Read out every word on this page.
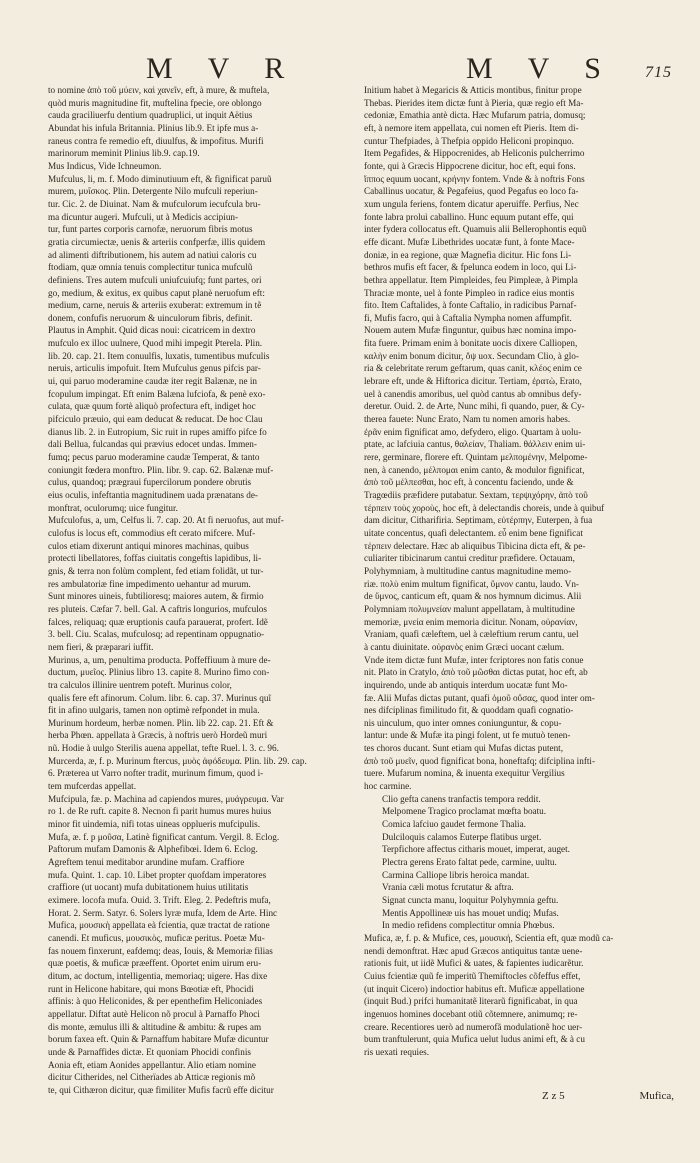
M V R	M V S 715
to nomine ἀπὸ τοῦ μύειν, καὶ χανεῖν, eft, à mure, & muftela,
quòd muris magnitudine fit, muftelina fpecie, ore oblongo
cauda graciliuerfu dentium quadruplici, ut inquit Aëtius
Abundat his infula Britannia. Plinius lib.9. Et ipfe mus a-
raneus contra fe remedio eft, diuulfus, & impofitus. Murifi
marinorum meminit Plinius lib.9. cap.19.
Mus Indicus, Vide Ichneumon.
Mufculus, li, m. f. Modo diminutiuum eft, & fignificat paruũ
murem, μυΐσκος. Plin. Detergente Nilo mufculi reperiun-
tur. Cic. 2. de Diuinat. Nam & mufculorum iecufcula bru-
ma dicuntur augeri. Mufculi, ut à Medicis accipiun-
tur, funt partes corporis carnofæ, neruorum fibris motus
gratia circumiectæ, uenis & arteriis confperfæ, illis quidem
ad alimenti diftributionem, his autem ad natiui caloris cu
ftodiam, quæ omnia tenuis complectitur tunica mufculũ
definiens. Tres autem mufculi uniufcuiufq; funt partes, ori
go, medium, & exitus, ex quibus caput planè neruofum eft:
medium, carne, neruis & arteriis exuberat: extremum in tẽ
donem, confufis neruorum & uinculorum fibris, definit.
Plautus in Amphit. Quid dicas noui: cicatricem in dextro
mufculo ex illoc uulnere, Quod mihi impegit Pterela. Plin.
lib. 20. cap. 21. Item conuulfis, luxatis, tumentibus mufculis
neruis, articulis impofuit. Item Mufculus genus pifcis par-
ui, qui paruo moderamine caudæ iter regit Balænæ, ne in
fcopulum impingat. Eft enim Balæna lufciofa, & penè exo-
culata, quæ quum fortè aliquò profectura eft, indiget hoc
pifciculo præuio, qui eam deducat & reducat. De hoc Clau
dianus lib. 2. in Eutropium, Sic ruit in rupes amiffo pifce fo
dali Bellua, fulcandas qui prævius edocet undas. Immen-
fumq; pecus paruo moderamine caudæ Temperat, & tanto
coniungit fœdera monftro. Plin. libr. 9. cap. 62. Balænæ muf-
culus, quandoq; prægraui fupercilorum pondere obrutis
eius oculis, infeftantia magnitudinem uada prænatans de-
monftrat, oculorumq; uice fungitur.
Mufculofus, a, um, Celfus li. 7. cap. 20. At fi neruofus, aut muf-
culofus is locus eft, commodius eft cerato mifcere. Muf-
culos etiam dixerunt antiqui minores machinas, quibus
protecti libellatores, foffas ciuitatis congeftis lapidibus, li-
gnis, & terra non folùm complent, fed etiam folidãt, ut tur-
res ambulatoriæ fine impedimento uehantur ad murum.
Sunt minores uineis, fubtilioresq; maiores autem, & firmio
res pluteis. Cæfar 7. bell. Gal. A caftris longurios, mufculos
falces, reliquaq; quæ eruptionis caufa parauerat, profert. Idẽ
3. bell. Ciu. Scalas, mufculosq; ad repentinam oppugnatio-
nem fieri, & præparari iuffit.
Murinus, a, um, penultima producta. Poffeffiuum à mure de-
ductum, μυεῖος. Plinius libro 13. capite 8. Murino fimo con-
tra calculos illinire uentrem poteft. Murinus color,
qualis fere eft afinorum. Colum. libr. 6. cap. 37. Murinus quĩ
fit in afino uulgaris, tamen non optimè refpondet in mula.
Murinum hordeum, herbæ nomen. Plin. lib 22. cap. 21. Eft &
herba Phœn. appellata à Græcis, à noftris uerò Hordeũ muri
nũ. Hodie à uulgo Sterilis auena appellat, tefte Ruel. l. 3. c. 96.
Murcerda, æ, f. p. Murinum ftercus, μυὸς ἀφόδευμα. Plin. lib. 29. cap.
6. Præterea ut Varro nofter tradit, murinum fimum, quod i-
tem mufcerdas appellat.
Mufcipula, fæ. p. Machina ad capiendos mures, μυάγρευμα. Var
ro 1. de Re ruft. capite 8. Necnon fi parit humus mures huius
minor fit uindemia, nifi totas uineas opplueris mufcipulis.
Mufa, æ. f. p μοῦσα, Latinè fignificat cantum. Vergil. 8. Eclog.
Paftorum mufam Damonis & Alphefibœi. Idem 6. Eclog.
Agreftem tenui meditabor arundine mufam. Craffiore
mufa. Quint. 1. cap. 10. Libet propter quofdam imperatores
craffiore (ut uocant) mufa dubitationem huius utilitatis
eximere. locofa mufa. Ouid. 3. Trift. Eleg. 2. Pedeftris mufa,
Horat. 2. Serm. Satyr. 6. Solers lyræ mufa, Idem de Arte. Hinc
Mufica, μουσικὴ appellata eà fcientia, quæ tractat de ratione
canendi. Et muficus, μουσικὸς, muficæ peritus. Poetæ Mu-
fas nouem finxerunt, eafdemq; deas, Iouis, & Memoriæ filias
quæ poetis, & muficæ præeffent. Oportet enim uirum eru-
ditum, ac doctum, intelligentia, memoriaq; uigere. Has dixe
runt in Helicone habitare, qui mons Bœotiæ eft, Phocidi
affinis: à quo Heliconides, & per epenthefim Heliconiades
appellatur. Diftat autè Helicon nõ procul à Parnaffo Phoci
dis monte, æmulus illi & altitudine & ambitu: & rupes am
borum faxea eft. Quin & Parnaffum habitare Mufæ dicuntur
unde & Parnaffides dictæ. Et quoniam Phocidi confinis
Aonia eft, etiam Aonides appellantur. Alio etiam nomine
dicitur Citherides, nel Citherïades ab Atticæ regionis mõ
te, qui Cithæron dicitur, quæ fimiliter Mufis facrũ effe dicitur
Initium habet à Megaricis & Atticis montibus, finitur prope
Thebas. Pierides item dictæ funt à Pieria, quæ regio eft Ma-
cedoniæ, Emathia antè dicta. Hæc Mufarum patria, domusq;
eft, à nemore item appellata, cui nomen eft Pieris. Item di-
cuntur Thefpiades, à Thefpia oppido Heliconi propinquo.
Item Pegafides, & Hippocrenides, ab Heliconis pulcherrimo
fonte, qui à Græcis Hippocrene dicitur, hoc eft, equi fons.
ἵππος equum uocant, κρήνην fontem. Vnde & à noftris Fons
Caballinus uocatur, & Pegafeius, quod Pegafus eo loco fa-
xum ungula feriens, fontem dicatur aperuiffe. Perfius, Nec
fonte labra proluì caballino. Hunc equum putant effe, qui
inter fydera collocatus eft. Quamuis alii Bellerophontis equũ
effe dicant. Mufæ Libethrides uocatæ funt, à fonte Mace-
doniæ, in ea regione, quæ Magnefia dicitur. Hic fons Li-
bethros mufis eft facer, & fpelunca eodem in loco, qui Li-
bethra appellatur. Item Pimpleides, feu Pimpleæ, à Pimpla
Thraciæ monte, uel à fonte Pimpleo in radice eius montis
fito. Item Caftalides, à fonte Caftalio, in radicibus Parnaf-
fi, Mufis facro, qui à Caftalia Nympha nomen affumpfit.
Nouem autem Mufæ finguntur, quibus hæc nomina impo-
fita fuere. Primam enim à bonitate uocis dixere Calliopen,
καλὴν enim bonum dicitur, ὄψ uox. Secundam Clio, à glo-
ria & celebritate rerum geftarum, quas canit, κλέος enim ce
lebrare eft, unde & Hiftorica dicitur. Tertiam, ἐρατὼ, Erato,
uel à canendis amoribus, uel quòd cantus ab omnibus defy-
deretur. Ouid. 2. de Arte, Nunc mihi, fi quando, puer, & Cy-
therea fauete: Nunc Erato, Nam tu nomen amoris habes.
ἐρᾶν enim fignificat amo, defydero, eligo. Quartam à uolu-
ptate, ac lafciuia cantus, θαλείαν, Thaliam. θάλλειν enim ui-
rere, germinare, florere eft. Quintam μελπομένην, Melpome-
nen, à canendo, μέλπομαι enim canto, & modulor fignificat,
ἀπὸ τοῦ μέλπεσθαι, hoc eft, à concentu faciendo, unde &
Tragœdiis præfidere putabatur. Sextam, τερψιχόρην, ἀπὸ τοῦ
τέρπειν τοὺς χοροὺς, hoc eft, à delectandis choreis, unde à quibuf
dam dicitur, Citharifiria. Septimam, εὐτέρπην, Euterpen, à fua
uitate concentus, quafi delectantem. εὖ enim bene fignificat
τέρπειν delectare. Hæc ab aliquibus Tibicina dicta eft, & pe-
culiariter tibicinarum cantui creditur præfidere. Octauam,
Polyhymniam, à multitudine cantus magnitudine memo-
riæ. πολὺ enim multum fignificat, ὕμνον cantu, laudo. Vn-
de ὕμνος, canticum eft, quam & nos hymnum dicimus. Alii
Polymniam πολυμνείαν malunt appellatam, à multitudine
memoriæ, μνεία enim memoria dicitur. Nonam, οὐρανίαν,
Vraniam, quafi cæleftem, uel à cæleftium rerum cantu, uel
à cantu diuinitate. οὐρανὸς enim Græci uocant cælum.
Vnde item dictæ funt Mufæ, inter fcriptores non fatis conue
nit. Plato in Cratylo, ἀπὸ τοῦ μῶσθαι dictas putat, hoc eft, ab
inquirendo, unde ab antiquis interdum uocatæ funt Mo-
fæ. Alii Mufas dictas putant, quafi ὁμοῦ οὔσας, quod inter om-
nes difciplinas fimilitudo fit, & quoddam quafi cognatio-
nis uinculum, quo inter omnes coniunguntur, & copu-
lantur: unde & Mufæ ita pingi folent, ut fe mutuò tenen-
tes choros ducant. Sunt etiam qui Mufas dictas putent,
ἀπὸ τοῦ μυεῖν, quod fignificat bona, honeftafq; difciplina infti-
tuere. Mufarum nomina, & inuenta exequitur Vergilius
hoc carmine.
Clio gefta canens tranfactis tempora reddit.
Melpomene Tragico proclamat mœfta boatu.
Comica lafciuo gaudet fermone Thalia.
Dulciloquis calamos Euterpe flatibus urget.
Terpfichore affectus citharis mouet, imperat, auget.
Plectra gerens Erato faltat pede, carmine, uultu.
Carmina Calliope libris heroica mandat.
Vrania cæli motus fcrutatur & aftra.
Signat cuncta manu, loquitur Polyhymnia geftu.
Mentis Appollineæ uis has mouet undiq; Mufas.
In medio refidens complectitur omnia Phœbus.
Mufica, æ, f. p. & Mufice, ces, μουσική, Scientia eft, quæ modũ ca-
nendi demonftrat. Hæc apud Græcos antiquitus tantæ uene-
rationis fuit, ut iidẽ Mufici & uates, & fapientes iudicarẽtur.
Cuius fcientiæ quũ fe imperitũ Themiftocles cõfeffus effet,
(ut inquit Cicero) indoctior habitus eft. Muficæ appellatione
(inquit Bud.) prifci humanitatẽ literarũ fignificabat, in qua
ingenuos homines docebant otiũ cõtemnere, animumq; re-
creare. Recentiores uerò ad numerofã modulationẽ hoc uer-
bum tranftulerunt, quia Mufica uelut ludus animi eft, & à cu
ris uexati requies.
Z z 5	Mufica,
